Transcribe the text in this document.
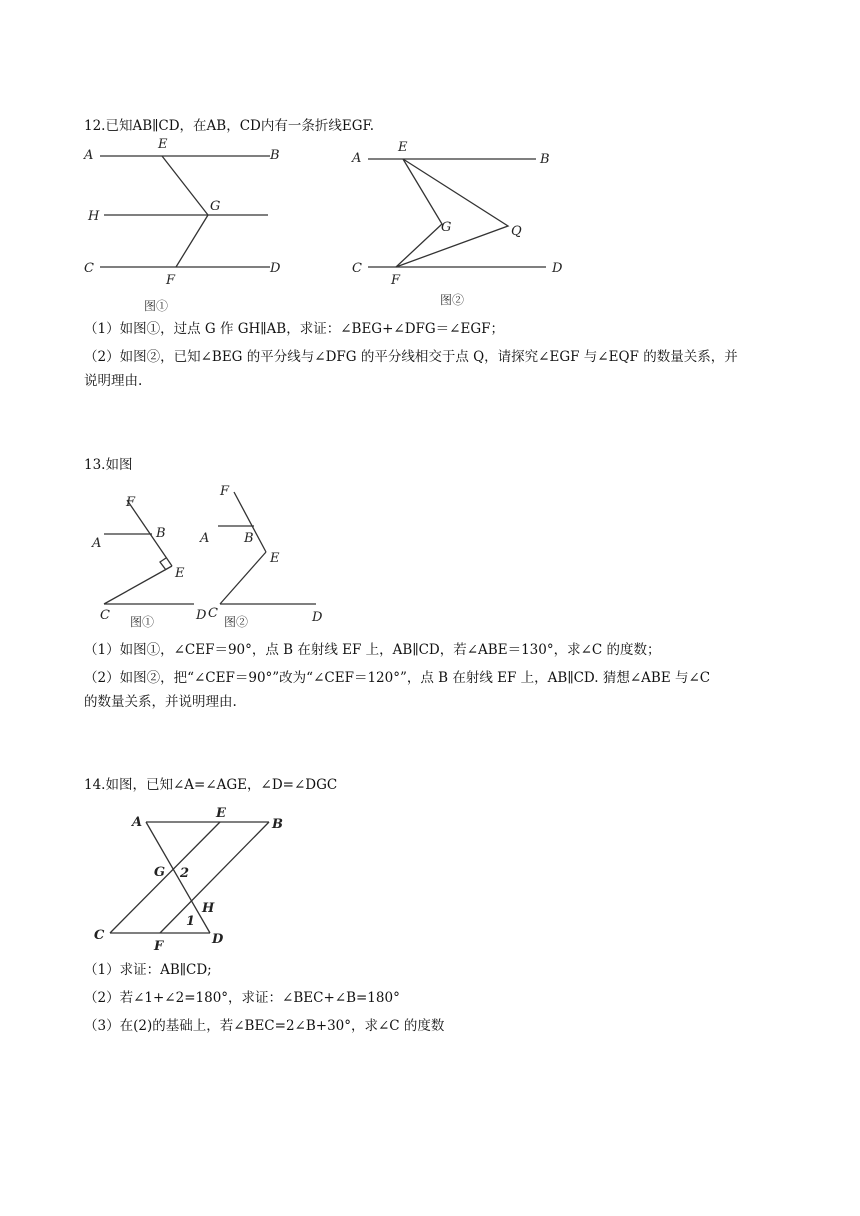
12.已知AB∥CD，在AB，CD内有一条折线EGF.
A	B
E
H
G
C	D
F
图①
A	B
E
G	Q
C	D
F
图②
（1）如图①，过点 G 作 GH∥AB，求证：∠BEG+∠DFG＝∠EGF；
（2）如图②，已知∠BEG 的平分线与∠DFG 的平分线相交于点 Q，请探究∠EGF 与∠EQF 的数量关系，并
说明理由.
13.如图
F
B
A
E
C	D
图①
F
A	B
E
C	D
图②
（1）如图①，∠CEF＝90°，点 B 在射线 EF 上，AB∥CD，若∠ABE＝130°，求∠C 的度数；
（2）如图②，把“∠CEF＝90°”改为“∠CEF＝120°”，点 B 在射线 EF 上，AB∥CD. 猜想∠ABE 与∠C
的数量关系，并说明理由.
14.如图，已知∠A=∠AGE，∠D=∠DGC
A
E
B
G 2
H
1
C
F	D
（1）求证：AB∥CD;
（2）若∠1+∠2=180°，求证：∠BEC+∠B=180°
（3）在(2)的基础上，若∠BEC=2∠B+30°，求∠C 的度数
